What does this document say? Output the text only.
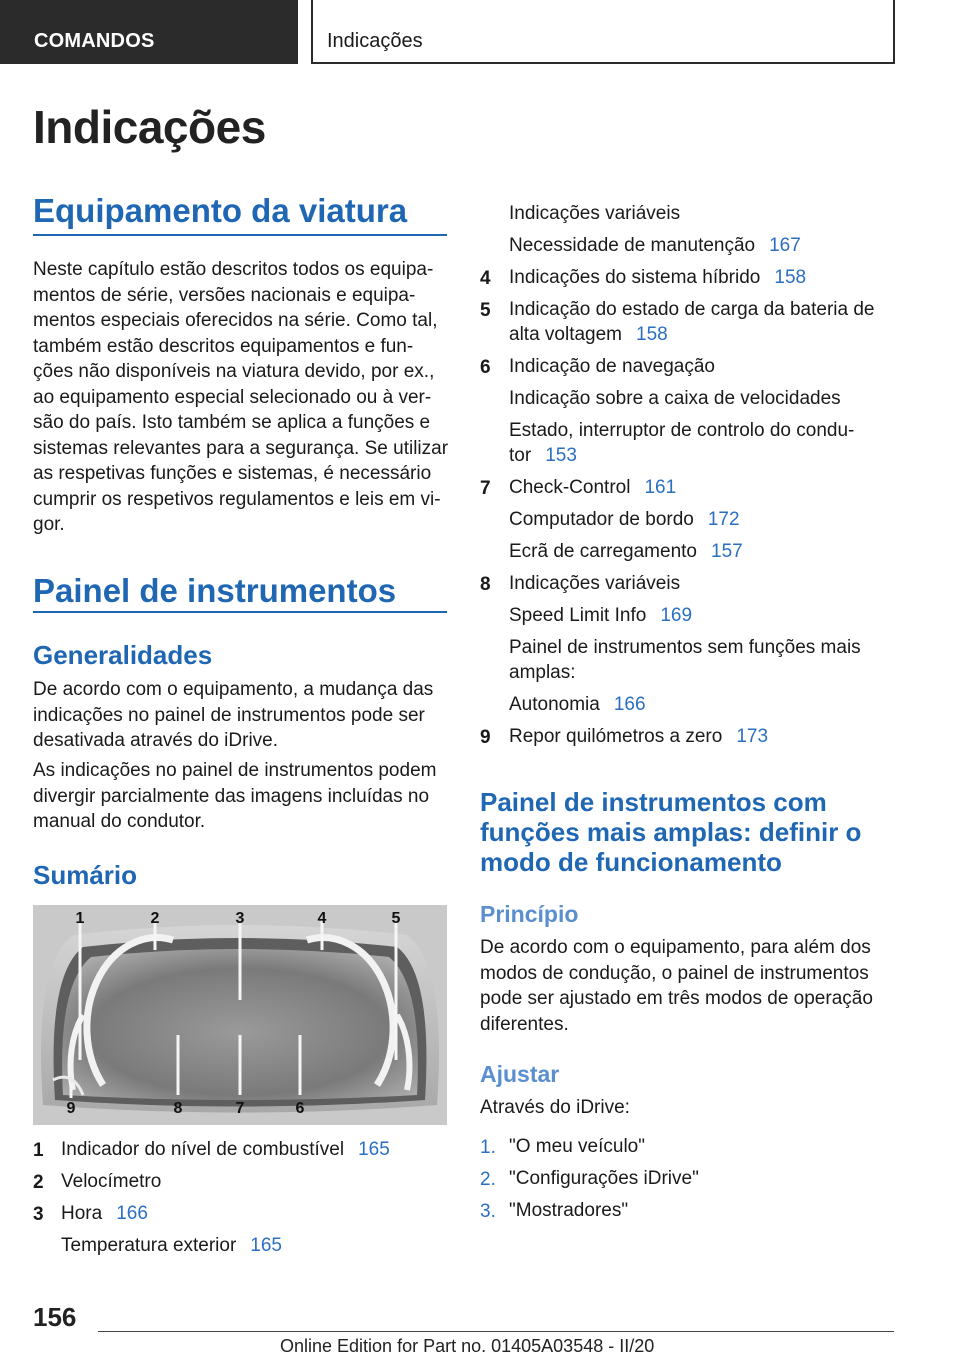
COMANDOS	Indicações
Indicações
Equipamento da viatura
Neste capítulo estão descritos todos os equipa-
mentos de série, versões nacionais e equipa-
mentos especiais oferecidos na série. Como tal,
também estão descritos equipamentos e fun-
ções não disponíveis na viatura devido, por ex.,
ao equipamento especial selecionado ou à ver-
são do país. Isto também se aplica a funções e
sistemas relevantes para a segurança. Se utilizar
as respetivas funções e sistemas, é necessário
cumprir os respetivos regulamentos e leis em vi-
gor.
Painel de instrumentos
Generalidades
De acordo com o equipamento, a mudança das
indicações no painel de instrumentos pode ser
desativada através do iDrive.
As indicações no painel de instrumentos podem
divergir parcialmente das imagens incluídas no
manual do condutor.
Sumário
1	2	3	4	5
9	8	7	6
1 Indicador do nível de combustível 165
2 Velocímetro
3 Hora 166
Temperatura exterior 165
Indicações variáveis
Necessidade de manutenção 167
4 Indicações do sistema híbrido 158
5 Indicação do estado de carga da bateria de
alta voltagem 158
6 Indicação de navegação
Indicação sobre a caixa de velocidades
Estado, interruptor de controlo do condu-
tor 153
7 Check-Control 161
Computador de bordo 172
Ecrã de carregamento 157
8 Indicações variáveis
Speed Limit Info 169
Painel de instrumentos sem funções mais
amplas:
Autonomia 166
9 Repor quilómetros a zero 173
Painel de instrumentos com
funções mais amplas: definir o
modo de funcionamento
Princípio
De acordo com o equipamento, para além dos
modos de condução, o painel de instrumentos
pode ser ajustado em três modos de operação
diferentes.
Ajustar
Através do iDrive:
1. "O meu veículo"
2. "Configurações iDrive"
3. "Mostradores"
156
Online Edition for Part no. 01405A03548 - II/20
